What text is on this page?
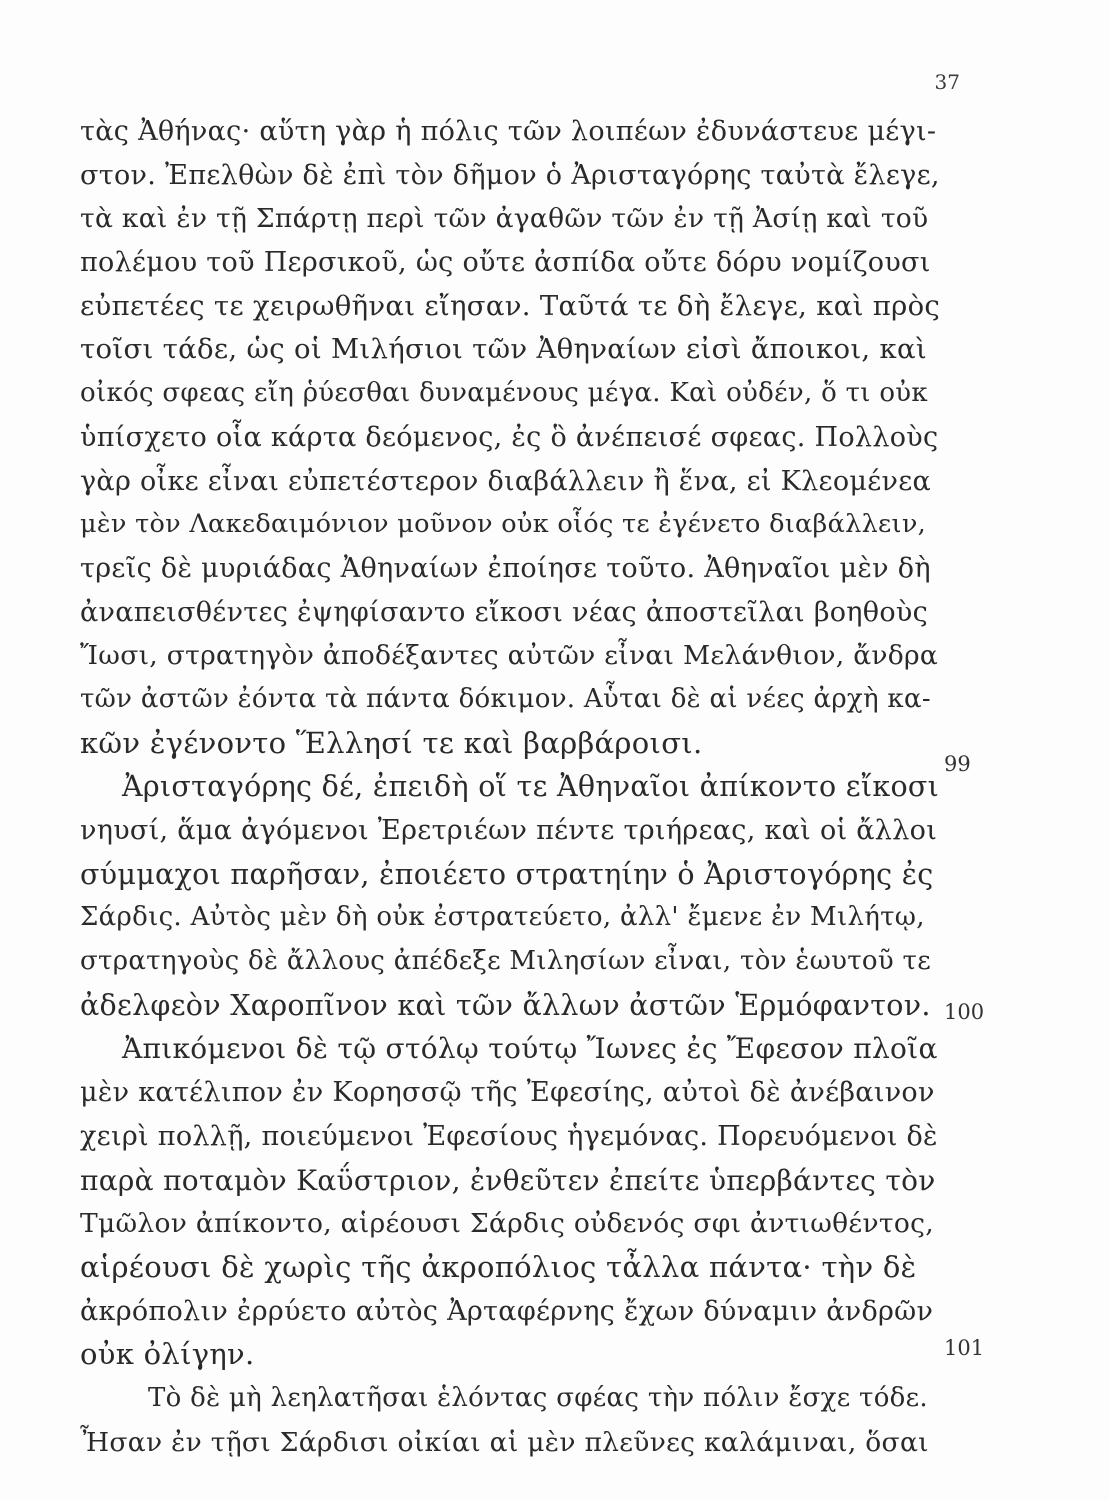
37
τὰς Ἀθήνας· αὕτη γὰρ ἡ πόλις τῶν λοιπέων ἐδυνάστευε μέγι-
στον. Ἐπελθὼν δὲ ἐπὶ τὸν δῆμον ὁ Ἀρισταγόρης ταὐτὰ ἔλεγε,
τὰ καὶ ἐν τῇ Σπάρτῃ περὶ τῶν ἀγαθῶν τῶν ἐν τῇ Ἀσίῃ καὶ τοῦ
πολέμου τοῦ Περσικοῦ, ὡς οὔτε ἀσπίδα οὔτε δόρυ νομίζουσι
εὐπετέες τε χειρωθῆναι εἴησαν. Ταῦτά τε δὴ ἔλεγε, καὶ πρὸς
τοῖσι τάδε, ὡς οἱ Μιλήσιοι τῶν Ἀθηναίων εἰσὶ ἄποικοι, καὶ
οἰκός σφεας εἴη ῥύεσθαι δυναμένους μέγα. Καὶ οὐδέν, ὅ τι οὐκ
ὑπίσχετο οἷα κάρτα δεόμενος, ἐς ὃ ἀνέπεισέ σφεας. Πολλοὺς
γὰρ οἶκε εἶναι εὐπετέστερον διαβάλλειν ἢ ἕνα, εἰ Κλεομένεα
μὲν τὸν Λακεδαιμόνιον μοῦνον οὐκ οἷός τε ἐγένετο διαβάλλειν,
τρεῖς δὲ μυριάδας Ἀθηναίων ἐποίησε τοῦτο. Ἀθηναῖοι μὲν δὴ
ἀναπεισθέντες ἐψηφίσαντο εἴκοσι νέας ἀποστεῖλαι βοηθοὺς
Ἴωσι, στρατηγὸν ἀποδέξαντες αὐτῶν εἶναι Μελάνθιον, ἄνδρα
τῶν ἀστῶν ἐόντα τὰ πάντα δόκιμον. Αὗται δὲ αἱ νέες ἀρχὴ κα-
κῶν ἐγένοντο Ἕλλησί τε καὶ βαρβάροισι.
Ἀρισταγόρης δέ, ἐπειδὴ οἵ τε Ἀθηναῖοι ἀπίκοντο εἴκοσι
νηυσί, ἅμα ἀγόμενοι Ἐρετριέων πέντε τριήρεας, καὶ οἱ ἄλλοι
σύμμαχοι παρῆσαν, ἐποιέετο στρατηίην ὁ Ἀριστογόρης ἐς
Σάρδις. Αὐτὸς μὲν δὴ οὐκ ἐστρατεύετο, ἀλλ' ἔμενε ἐν Μιλήτῳ,
στρατηγοὺς δὲ ἄλλους ἀπέδεξε Μιλησίων εἶναι, τὸν ἑωυτοῦ τε
ἀδελφεὸν Χαροπῖνον καὶ τῶν ἄλλων ἀστῶν Ἑρμόφαντον.
Ἀπικόμενοι δὲ τῷ στόλῳ τούτῳ Ἴωνες ἐς Ἔφεσον πλοῖα
μὲν κατέλιπον ἐν Κορησσῷ τῆς Ἐφεσίης, αὐτοὶ δὲ ἀνέβαινον
χειρὶ πολλῇ, ποιεύμενοι Ἐφεσίους ἡγεμόνας. Πορευόμενοι δὲ
παρὰ ποταμὸν Καΰστριον, ἐνθεῦτεν ἐπείτε ὑπερβάντες τὸν
Τμῶλον ἀπίκοντο, αἱρέουσι Σάρδις οὐδενός σφι ἀντιωθέντος,
αἱρέουσι δὲ χωρὶς τῆς ἀκροπόλιος τἆλλα πάντα· τὴν δὲ
ἀκρόπολιν ἐρρύετο αὐτὸς Ἀρταφέρνης ἔχων δύναμιν ἀνδρῶν
οὐκ ὀλίγην.
Τὸ δὲ μὴ λεηλατῆσαι ἑλόντας σφέας τὴν πόλιν ἔσχε τόδε.
Ἦσαν ἐν τῇσι Σάρδισι οἰκίαι αἱ μὲν πλεῦνες καλάμιναι, ὅσαι
99
100
101
